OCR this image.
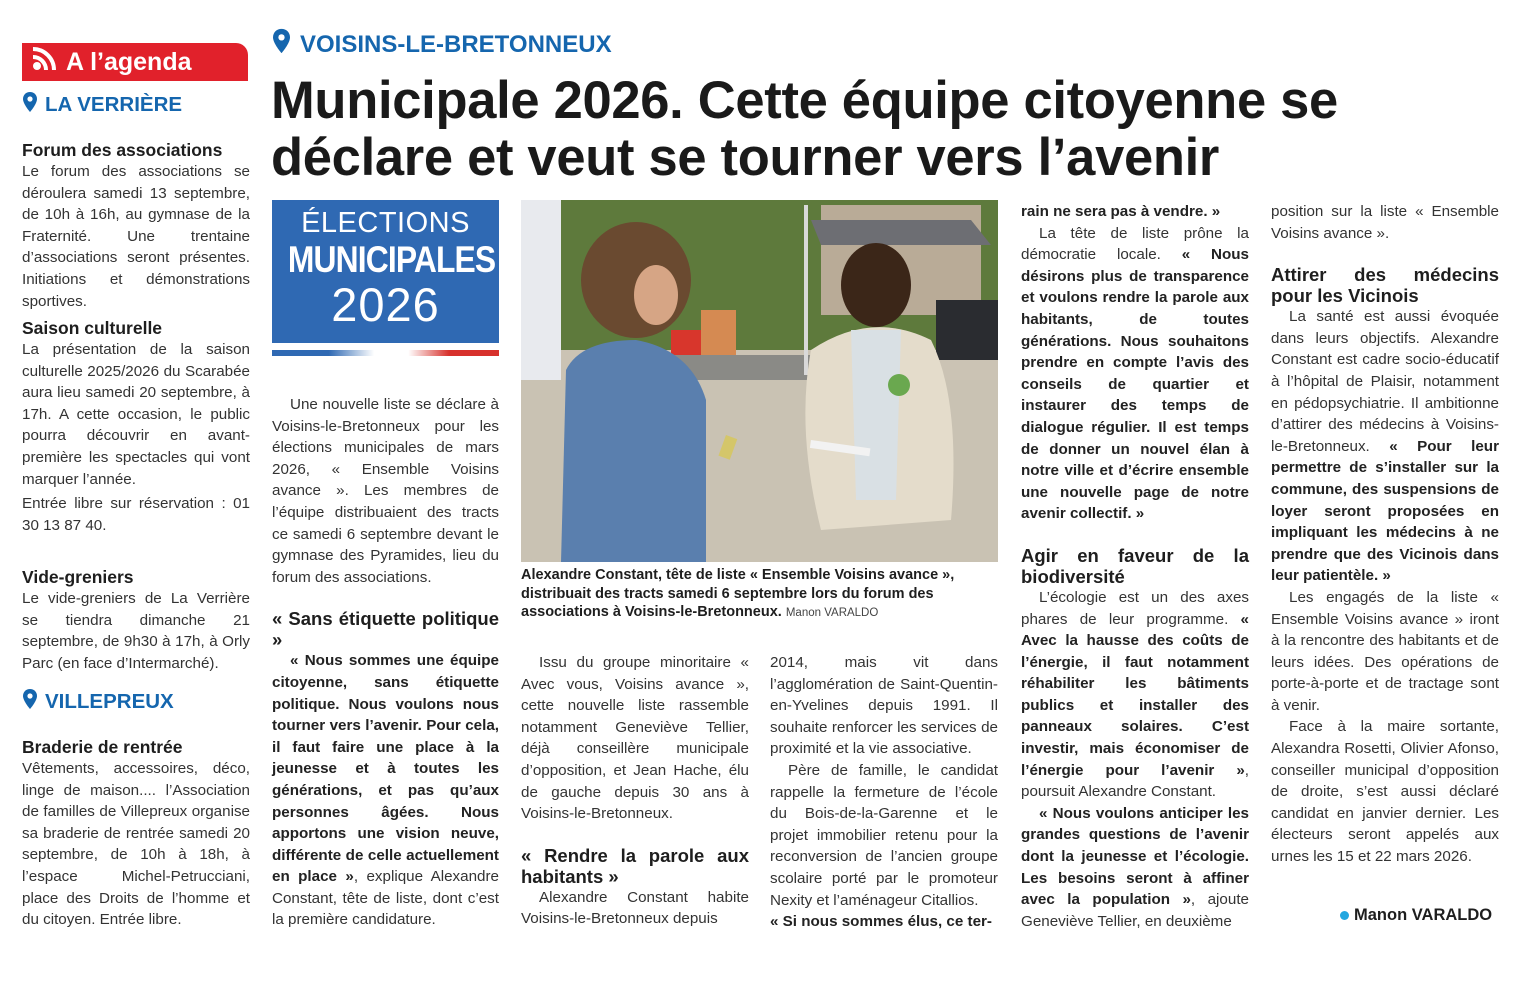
A l’agenda
LA VERRIÈRE
Forum des associations

Le forum des associations se déroulera samedi 13 septembre, de 10h à 16h, au gymnase de la Fraternité. Une trentaine d’associations seront présentes. Initiations et démonstrations sportives.

Saison culturelle

La présentation de la saison culturelle 2025/2026 du Scarabée aura lieu samedi 20 septembre, à 17h. A cette occasion, le public pourra découvrir en avant-première les spectacles qui vont marquer l’année.

Entrée libre sur réservation : 01 30 13 87 40.

Vide-greniers

Le vide-greniers de La Verrière se tiendra dimanche 21 septembre, de 9h30 à 17h, à Orly Parc (en face d’Intermarché).

VILLEPREUX
Braderie de rentrée

Vêtements, accessoires, déco, linge de maison.... l’Association de familles de Villepreux organise sa braderie de rentrée samedi 20 septembre, de 10h à 18h, à l’espace Michel-Petrucciani, place des Droits de l’homme et du citoyen. Entrée libre.

VOISINS-LE-BRETONNEUX
Municipale 2026. Cette équipe citoyenne se déclare et veut se tourner vers l’avenir
ÉLECTIONS
MUNICIPALES
2026

Alexandre Constant, tête de liste « Ensemble Voisins avance », distribuait des tracts samedi 6 septembre lors du forum des associations à Voisins-le-Bretonneux. Manon VARALDO

Une nouvelle liste se déclare à Voisins-le-Bretonneux pour les élections municipales de mars 2026, « Ensemble Voisins avance ». Les membres de l’équipe distribuaient des tracts ce samedi 6 septembre devant le gymnase des Pyramides, lieu du forum des associations.

« Sans étiquette politique »

« Nous sommes une équipe citoyenne, sans étiquette politique. Nous voulons nous tourner vers l’avenir. Pour cela, il faut faire une place à la jeunesse et à toutes les générations, et pas qu’aux personnes âgées. Nous apportons une vision neuve, différente de celle actuellement en place », explique Alexandre Constant, tête de liste, dont c’est la première candidature.

Issu du groupe minoritaire « Avec vous, Voisins avance », cette nouvelle liste rassemble notamment Geneviève Tellier, déjà conseillère municipale d’opposition, et Jean Hache, élu de gauche depuis 30 ans à Voisins-le-Bretonneux.

« Rendre la parole aux habitants »

Alexandre Constant habite Voisins-le-Bretonneux depuis

2014, mais vit dans l’agglomération de Saint-Quentin-en-Yvelines depuis 1991. Il souhaite renforcer les services de proximité et la vie associative.

Père de famille, le candidat rappelle la fermeture de l’école du Bois-de-la-Garenne et le projet immobilier retenu pour la reconversion de l’ancien groupe scolaire porté par le promoteur Nexity et l’aménageur Citallios.

« Si nous sommes élus, ce ter-

rain ne sera pas à vendre. »

La tête de liste prône la démocratie locale. « Nous désirons plus de transparence et voulons rendre la parole aux habitants, de toutes générations. Nous souhaitons prendre en compte l’avis des conseils de quartier et instaurer des temps de dialogue régulier. Il est temps de donner un nouvel élan à notre ville et d’écrire ensemble une nouvelle page de notre avenir collectif. »

Agir en faveur de la biodiversité

L’écologie est un des axes phares de leur programme. « Avec la hausse des coûts de l’énergie, il faut notamment réhabiliter les bâtiments publics et installer des panneaux solaires. C’est investir, mais économiser de l’énergie pour l’avenir », poursuit Alexandre Constant.

« Nous voulons anticiper les grandes questions de l’avenir dont la jeunesse et l’écologie. Les besoins seront à affiner avec la population », ajoute Geneviève Tellier, en deuxième

position sur la liste « Ensemble Voisins avance ».

Attirer des médecins pour les Vicinois

La santé est aussi évoquée dans leurs objectifs. Alexandre Constant est cadre socio-éducatif à l’hôpital de Plaisir, notamment en pédopsychiatrie. Il ambitionne d’attirer des médecins à Voisins-le-Bretonneux. « Pour leur permettre de s’installer sur la commune, des suspensions de loyer seront proposées en impliquant les médecins à ne prendre que des Vicinois dans leur patientèle. »

Les engagés de la liste « Ensemble Voisins avance » iront à la rencontre des habitants et de leurs idées. Des opérations de porte-à-porte et de tractage sont à venir.

Face à la maire sortante, Alexandra Rosetti, Olivier Afonso, conseiller municipal d’opposition de droite, s’est aussi déclaré candidat en janvier dernier. Les électeurs seront appelés aux urnes les 15 et 22 mars 2026.

Manon VARALDO
